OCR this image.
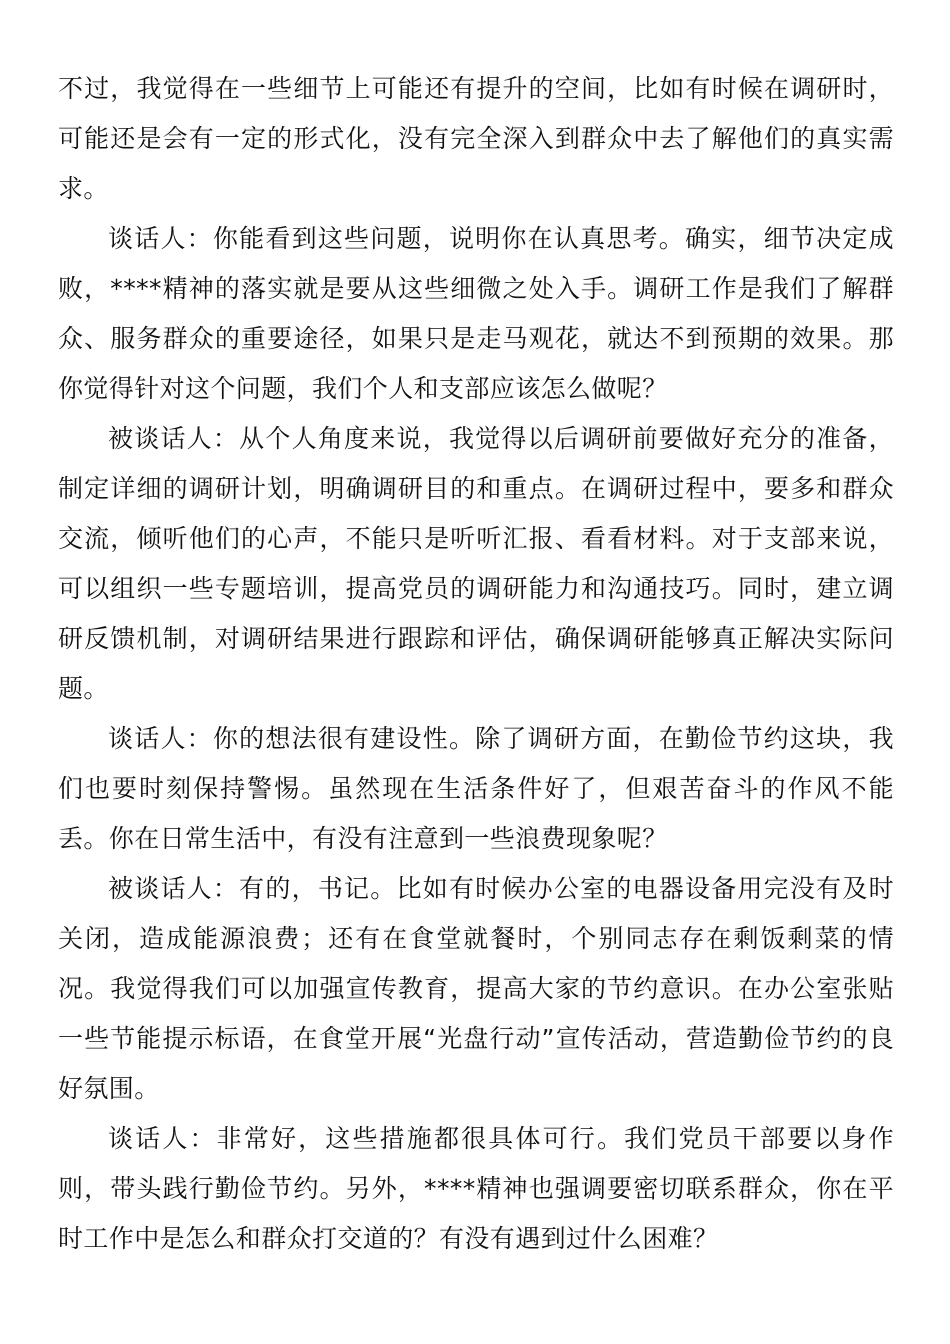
不过，我觉得在一些细节上可能还有提升的空间，比如有时候在调研时，可能还是会有一定的形式化，没有完全深入到群众中去了解他们的真实需求。

谈话人：你能看到这些问题，说明你在认真思考。确实，细节决定成败，****精神的落实就是要从这些细微之处入手。调研工作是我们了解群众、服务群众的重要途径，如果只是走马观花，就达不到预期的效果。那你觉得针对这个问题，我们个人和支部应该怎么做呢？

被谈话人：从个人角度来说，我觉得以后调研前要做好充分的准备，制定详细的调研计划，明确调研目的和重点。在调研过程中，要多和群众交流，倾听他们的心声，不能只是听听汇报、看看材料。对于支部来说，可以组织一些专题培训，提高党员的调研能力和沟通技巧。同时，建立调研反馈机制，对调研结果进行跟踪和评估，确保调研能够真正解决实际问题。

谈话人：你的想法很有建设性。除了调研方面，在勤俭节约这块，我们也要时刻保持警惕。虽然现在生活条件好了，但艰苦奋斗的作风不能丢。你在日常生活中，有没有注意到一些浪费现象呢？

被谈话人：有的，书记。比如有时候办公室的电器设备用完没有及时关闭，造成能源浪费；还有在食堂就餐时，个别同志存在剩饭剩菜的情况。我觉得我们可以加强宣传教育，提高大家的节约意识。在办公室张贴一些节能提示标语，在食堂开展“光盘行动”宣传活动，营造勤俭节约的良好氛围。

谈话人：非常好，这些措施都很具体可行。我们党员干部要以身作则，带头践行勤俭节约。另外，****精神也强调要密切联系群众，你在平时工作中是怎么和群众打交道的？有没有遇到过什么困难？
